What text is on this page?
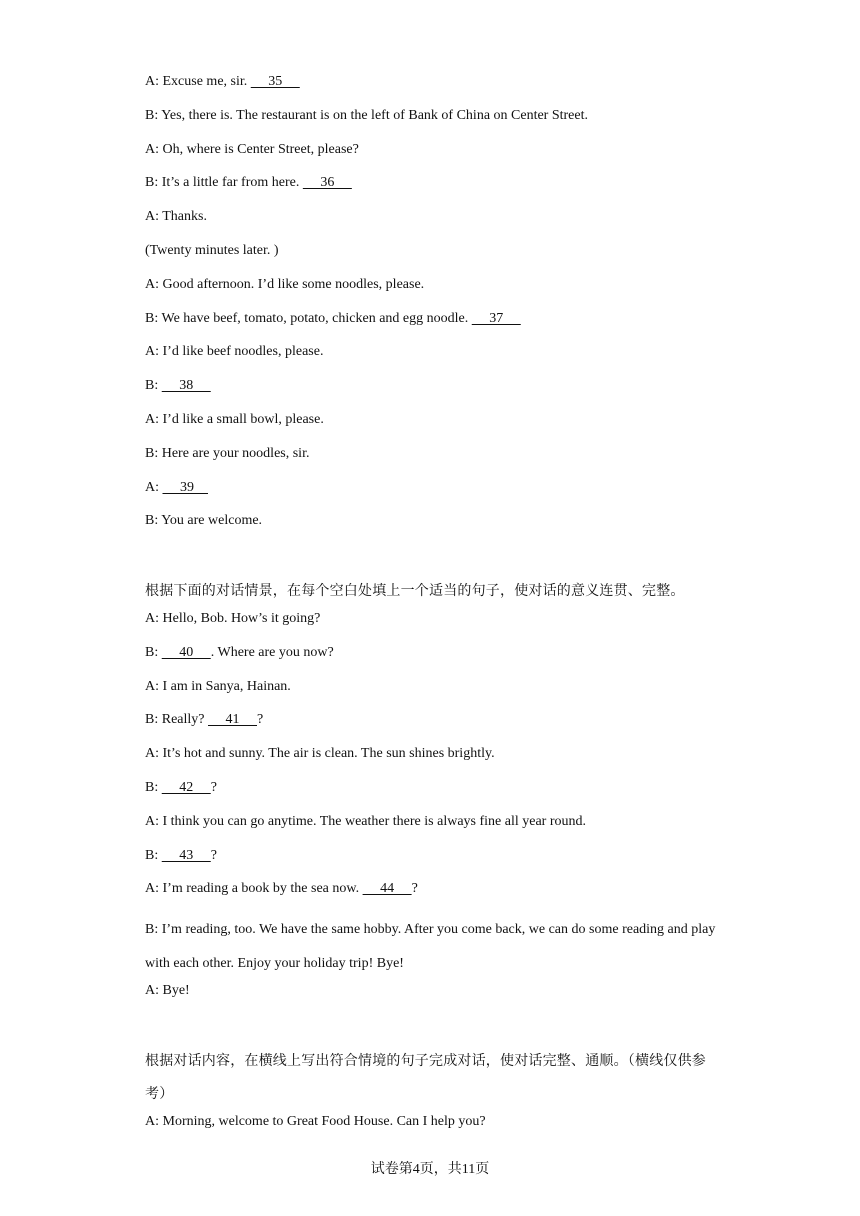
A: Excuse me, sir.      35
B: Yes, there is. The restaurant is on the left of Bank of China on Center Street.
A: Oh, where is Center Street, please?
B: It’s a little far from here.      36
A: Thanks.
(Twenty minutes later. )
A: Good afternoon. I’d like some noodles, please.
B: We have beef, tomato, potato, chicken and egg noodle.      37
A: I’d like beef noodles, please.
B:      38
A: I’d like a small bowl, please.
B: Here are your noodles, sir.
A:      39
B: You are welcome.
根据下面的对话情景，在每个空白处填上一个适当的句子，使对话的意义连贯、完整。
A: Hello, Bob. How’s it going?
B:      40     . Where are you now?
A: I am in Sanya, Hainan.
B: Really?      41     ?
A: It’s hot and sunny. The air is clean. The sun shines brightly.
B:      42     ?
A: I think you can go anytime. The weather there is always fine all year round.
B:      43     ?
A: I’m reading a book by the sea now.      44     ?
B: I’m reading, too. We have the same hobby. After you come back, we can do some reading and play with each other. Enjoy your holiday trip! Bye!
A: Bye!
根据对话内容，在横线上写出符合情境的句子完成对话，使对话完整、通顺。（横线仅供参考）
A: Morning, welcome to Great Food House. Can I help you?
试卷第4页，共11页
